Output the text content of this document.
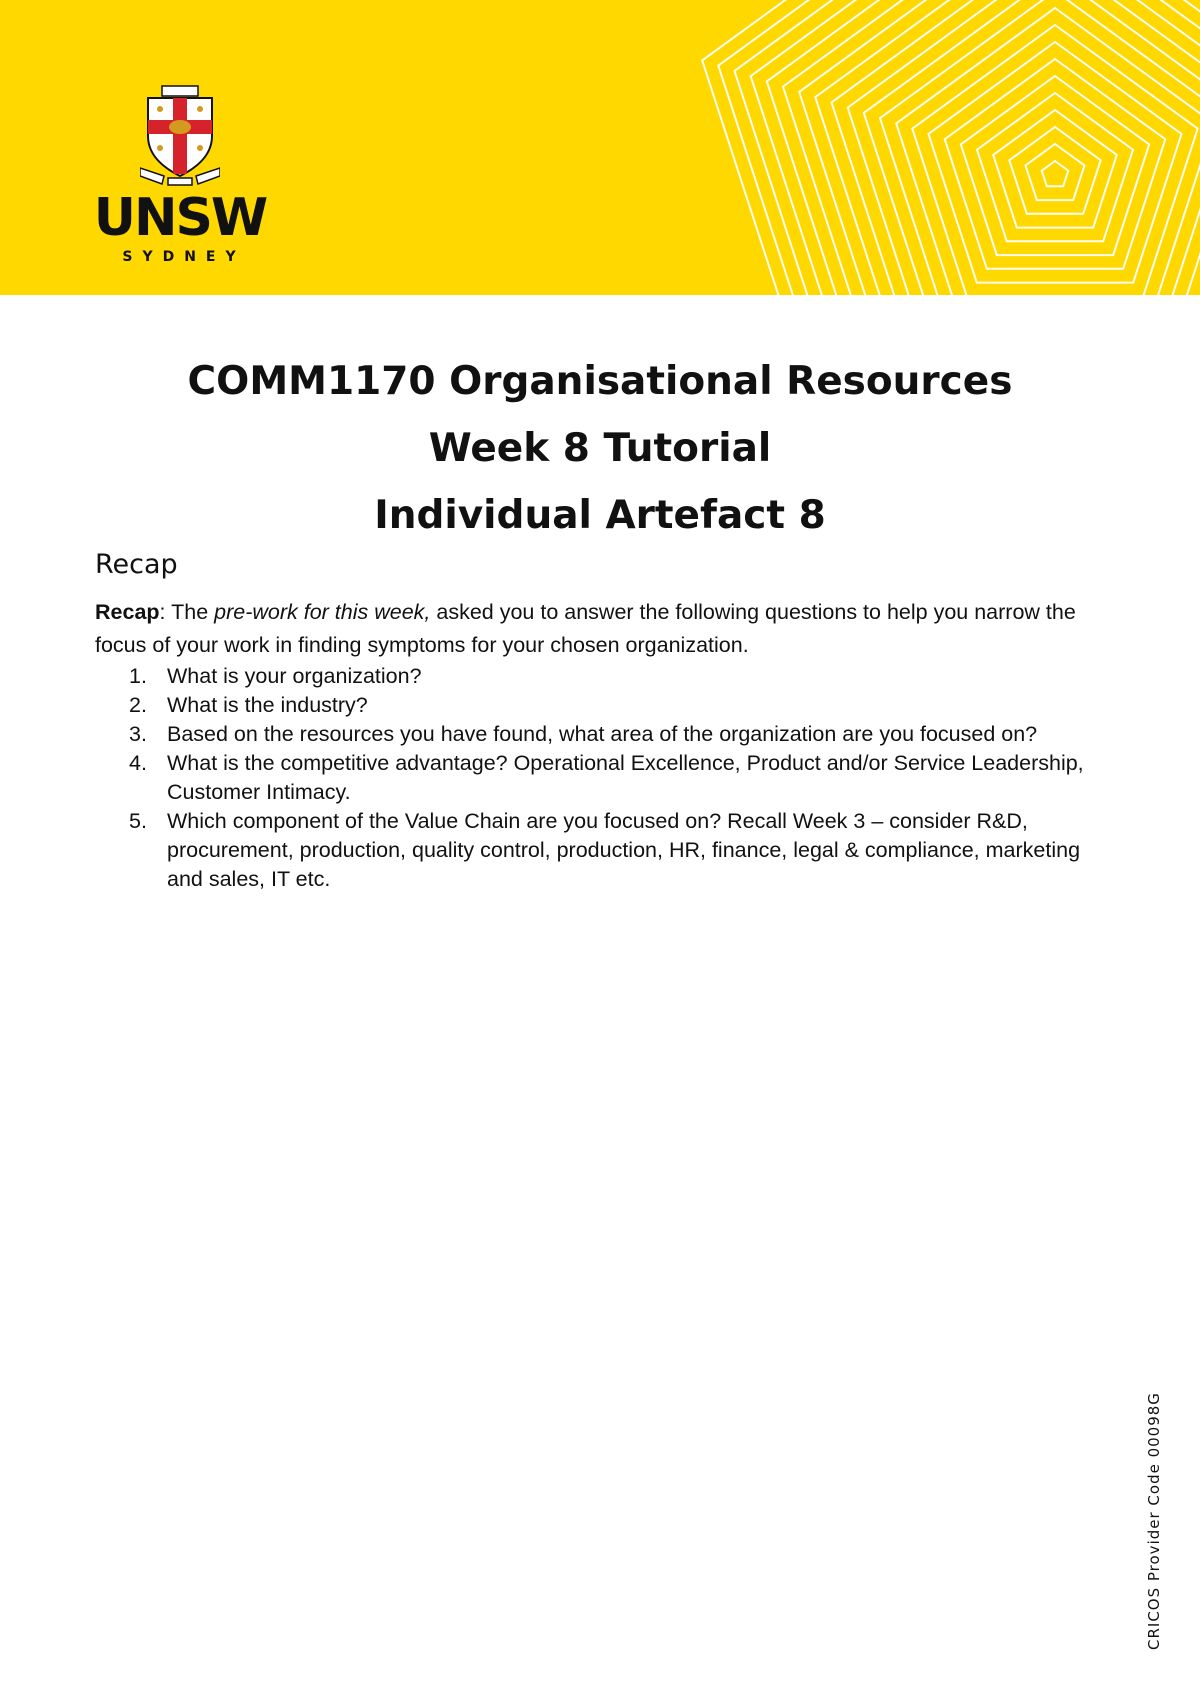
UNSW
SYDNEY

COMM1170 Organisational Resources

Week 8 Tutorial

Individual Artefact 8

Recap

Recap: The pre-work for this week, asked you to answer the following questions to help you narrow the focus of your work in finding symptoms for your chosen organization.

1. What is your organization?
2. What is the industry?
3. Based on the resources you have found, what area of the organization are you focused on?
4. What is the competitive advantage? Operational Excellence, Product and/or Service Leadership, Customer Intimacy.
5. Which component of the Value Chain are you focused on? Recall Week 3 – consider R&D, procurement, production, quality control, production, HR, finance, legal & compliance, marketing and sales, IT etc.
CRICOS Provider Code 00098G
